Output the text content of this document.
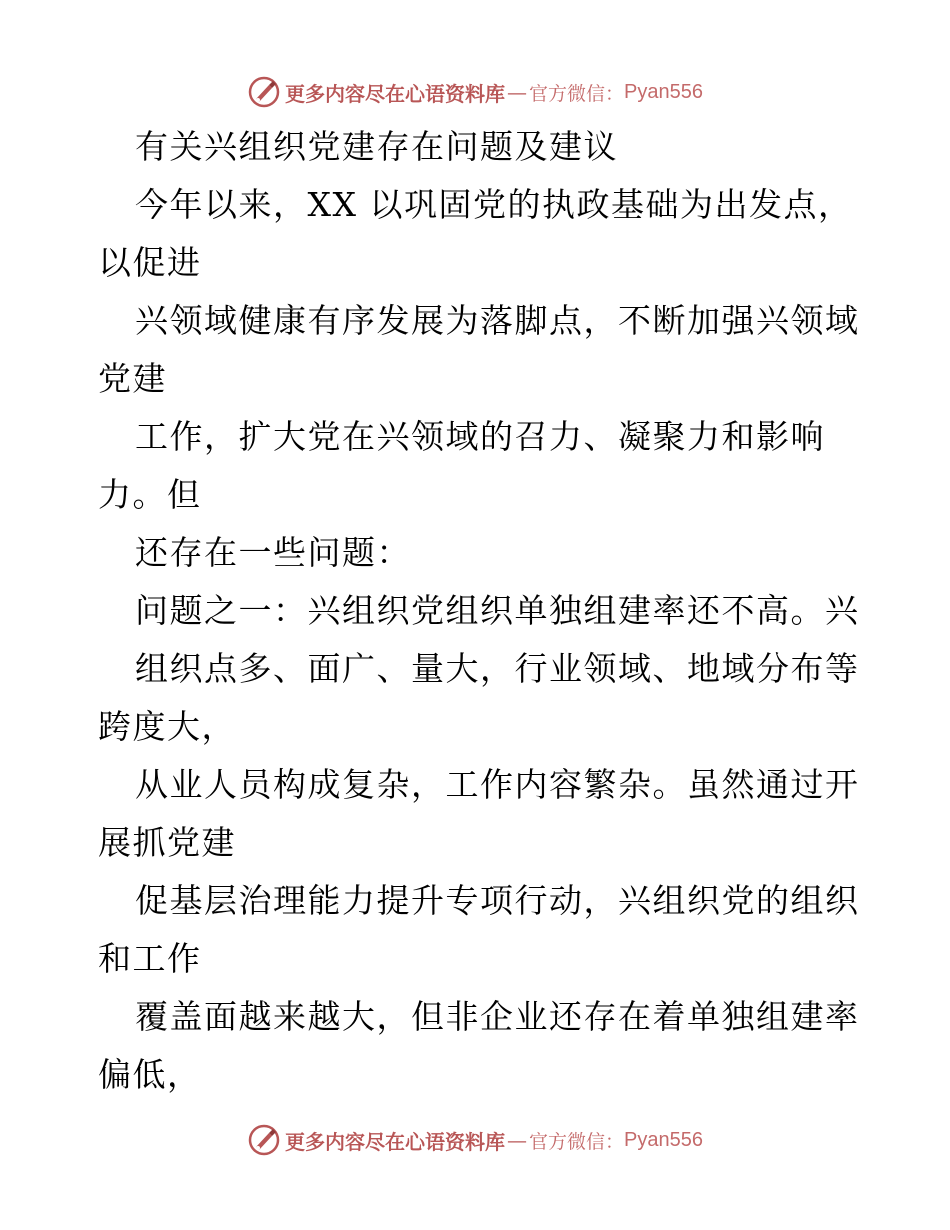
更多内容尽在心语资料库 — 官方微信： Pyan556
有关兴组织党建存在问题及建议
今年以来，XX 以巩固党的执政基础为出发点，
以促进
兴领域健康有序发展为落脚点，不断加强兴领域
党建
工作，扩大党在兴领域的召力、凝聚力和影响
力。但
还存在一些问题：
问题之一：兴组织党组织单独组建率还不高。兴
组织点多、面广、量大，行业领域、地域分布等
跨度大，
从业人员构成复杂，工作内容繁杂。虽然通过开
展抓党建
促基层治理能力提升专项行动，兴组织党的组织
和工作
覆盖面越来越大，但非企业还存在着单独组建率
偏低，
更多内容尽在心语资料库 — 官方微信： Pyan556
